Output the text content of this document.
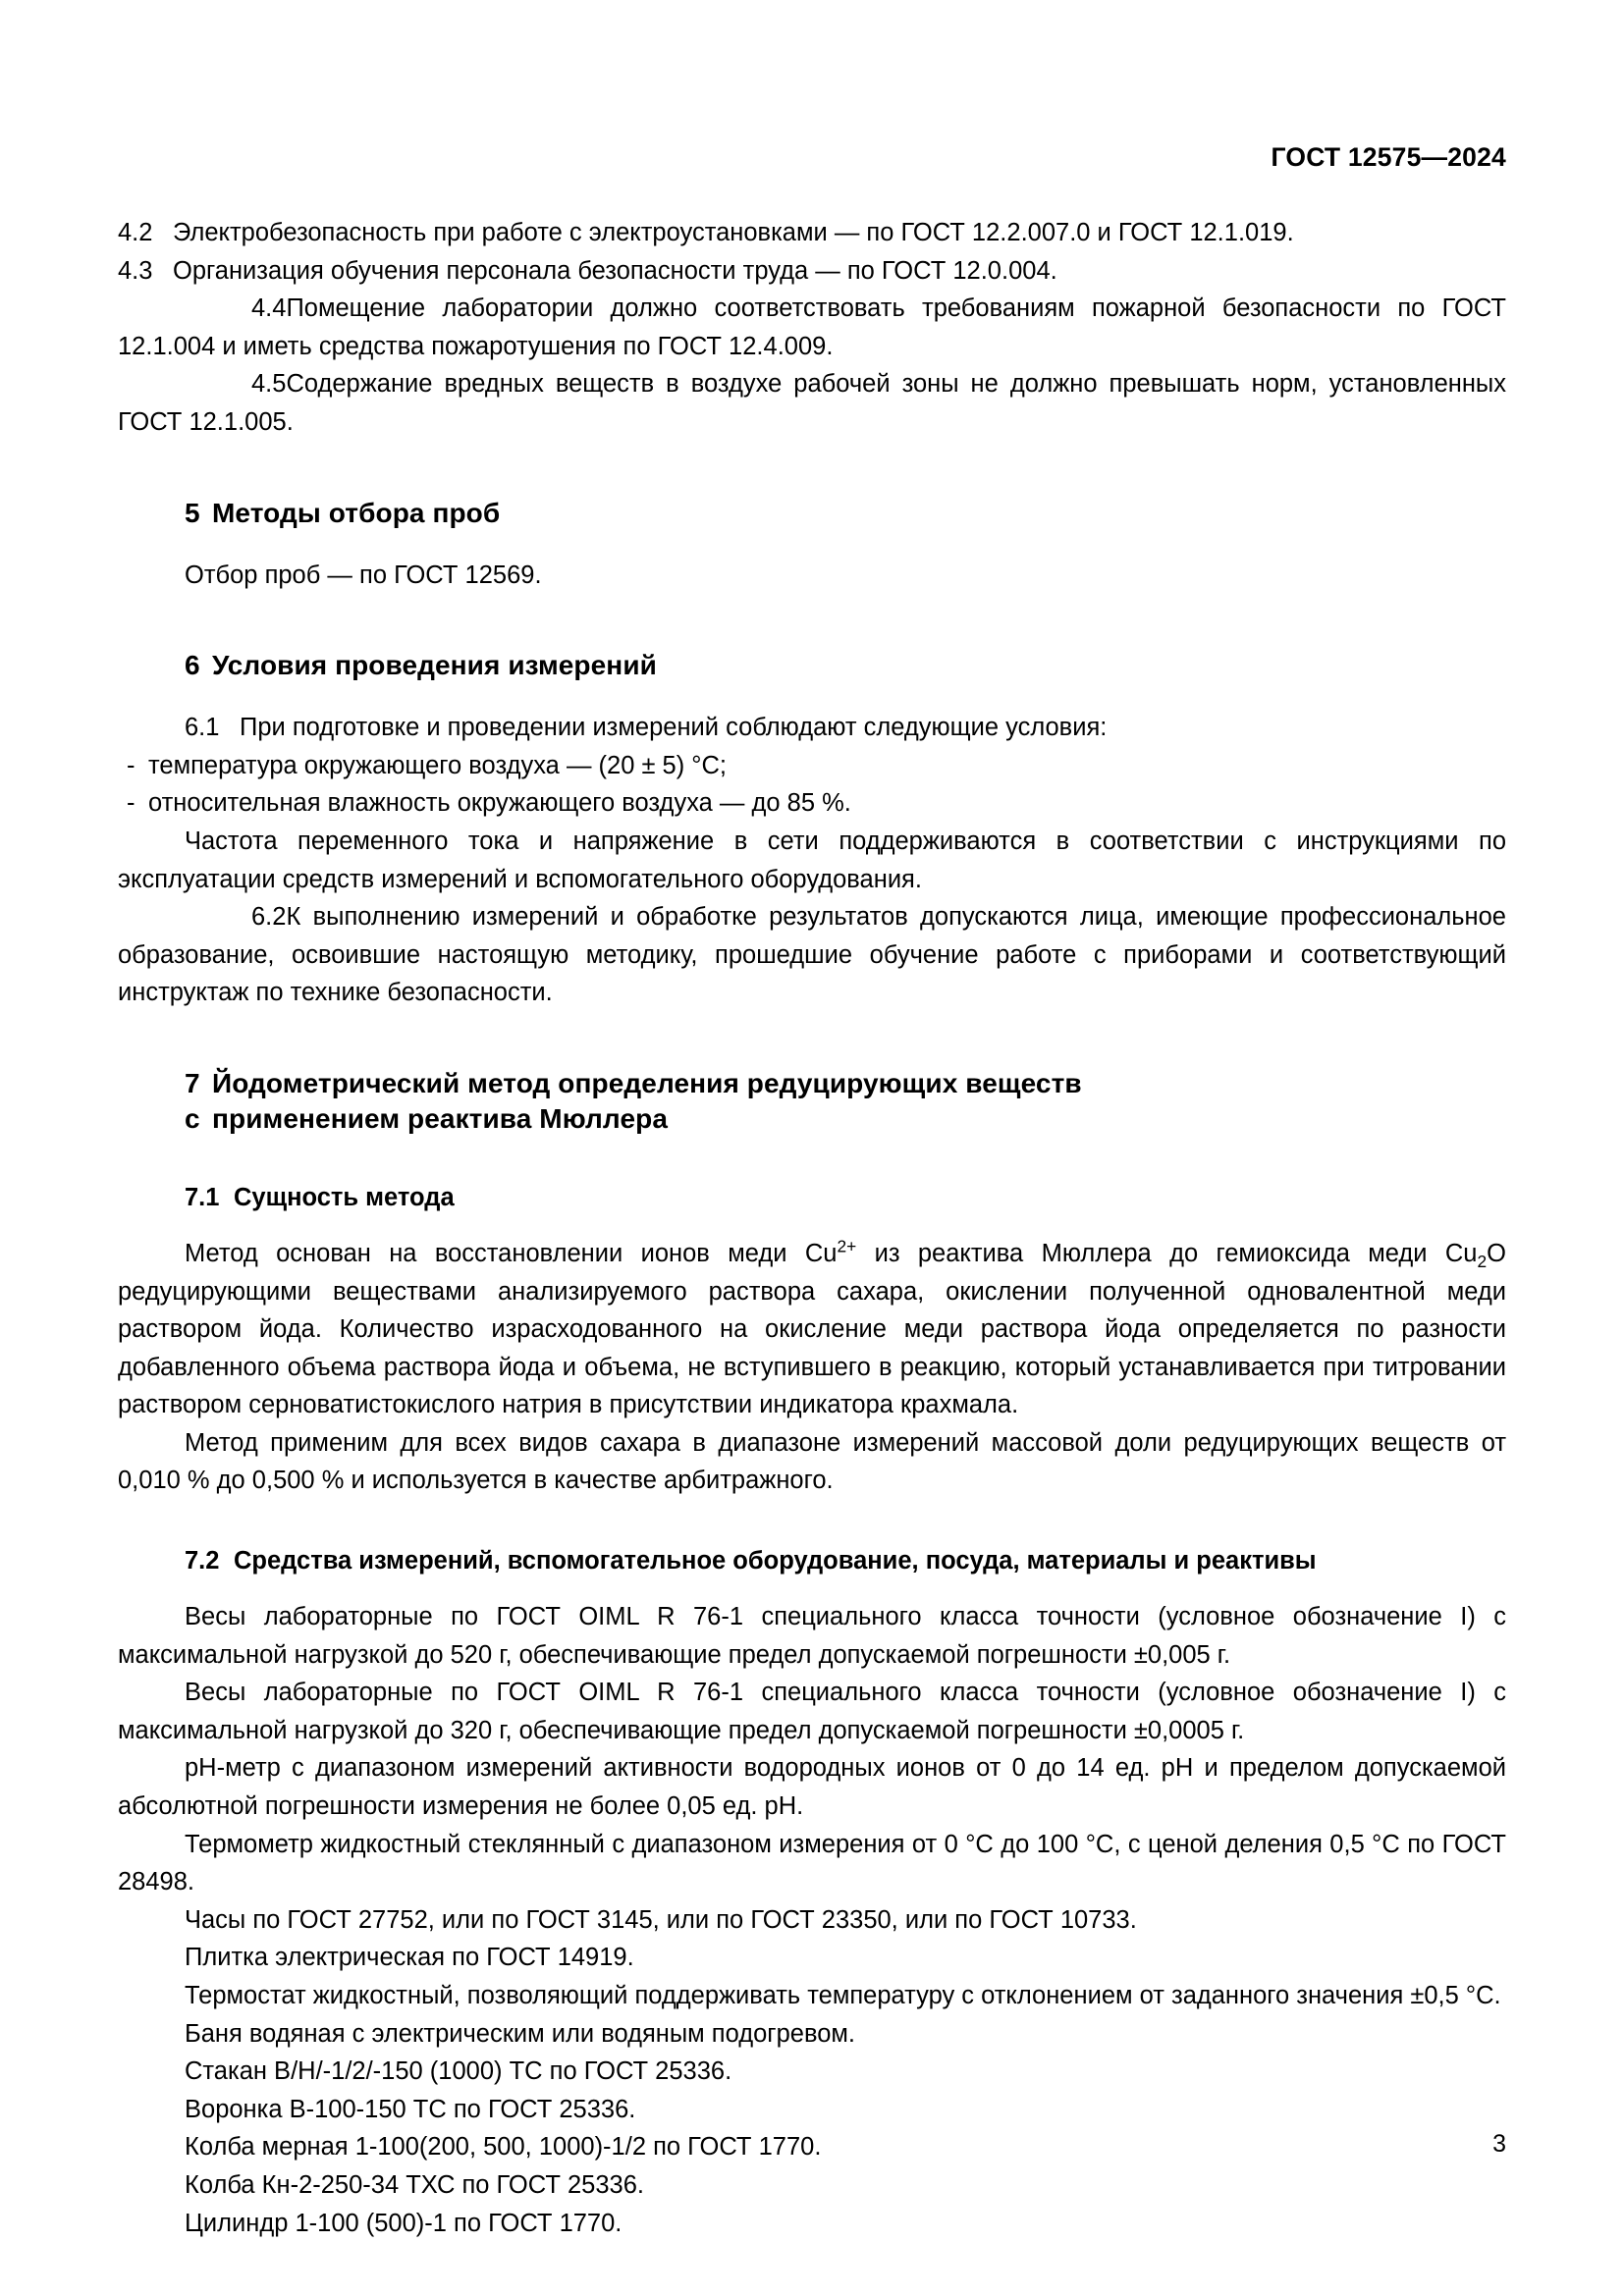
ГОСТ 12575—2024

4.2 Электробезопасность при работе с электроустановками — по ГОСТ 12.2.007.0 и ГОСТ 12.1.019.

4.3 Организация обучения персонала безопасности труда — по ГОСТ 12.0.004.

4.4Помещение лаборатории должно соответствовать требованиям пожарной безопасности по ГОСТ 12.1.004 и иметь средства пожаротушения по ГОСТ 12.4.009.

4.5Содержание вредных веществ в воздухе рабочей зоны не должно превышать норм, установленных ГОСТ 12.1.005.

5 Методы отбора проб

Отбор проб — по ГОСТ 12569.

6 Условия проведения измерений

6.1 При подготовке и проведении измерений соблюдают следующие условия:

- температура окружающего воздуха — (20 ± 5) °C;

- относительная влажность окружающего воздуха — до 85 %.

Частота переменного тока и напряжение в сети поддерживаются в соответствии с инструкциями по эксплуатации средств измерений и вспомогательного оборудования.

6.2К выполнению измерений и обработке результатов допускаются лица, имеющие профессиональное образование, освоившие настоящую методику, прошедшие обучение работе с приборами и соответствующий инструктаж по технике безопасности.

7 Йодометрический метод определения редуцирующих веществ
с применением реактива Мюллера
7.1 Сущность метода

Метод основан на восстановлении ионов меди $Cu^{2+}$ из реактива Мюллера до гемиоксида меди $Cu_2O$ редуцирующими веществами анализируемого раствора сахара, окислении полученной одновалентной меди раствором йода. Количество израсходованного на окисление меди раствора йода определяется по разности добавленного объема раствора йода и объема, не вступившего в реакцию, который устанавливается при титровании раствором серноватистокислого натрия в присутствии индикатора крахмала.

Метод применим для всех видов сахара в диапазоне измерений массовой доли редуцирующих веществ от 0,010 % до 0,500 % и используется в качестве арбитражного.

7.2 Средства измерений, вспомогательное оборудование, посуда, материалы и реактивы

Весы лабораторные по ГОСТ OIML R 76-1 специального класса точности (условное обозначение I) с максимальной нагрузкой до 520 г, обеспечивающие предел допускаемой погрешности ±0,005 г.

Весы лабораторные по ГОСТ OIML R 76-1 специального класса точности (условное обозначение I) с максимальной нагрузкой до 320 г, обеспечивающие предел допускаемой погрешности ±0,0005 г.

pH-метр с диапазоном измерений активности водородных ионов от 0 до 14 ед. pH и пределом допускаемой абсолютной погрешности измерения не более 0,05 ед. pH.

Термометр жидкостный стеклянный с диапазоном измерения от 0 °C до 100 °C, с ценой деления 0,5 °C по ГОСТ 28498.

Часы по ГОСТ 27752, или по ГОСТ 3145, или по ГОСТ 23350, или по ГОСТ 10733.

Плитка электрическая по ГОСТ 14919.

Термостат жидкостный, позволяющий поддерживать температуру с отклонением от заданного значения ±0,5 °C.

Баня водяная с электрическим или водяным подогревом.

Стакан В/Н/-1/2/-150 (1000) ТС по ГОСТ 25336.

Воронка В-100-150 ТС по ГОСТ 25336.

Колба мерная 1-100(200, 500, 1000)-1/2 по ГОСТ 1770.

Колба Кн-2-250-34 ТХС по ГОСТ 25336.

Цилиндр 1-100 (500)-1 по ГОСТ 1770.

3
